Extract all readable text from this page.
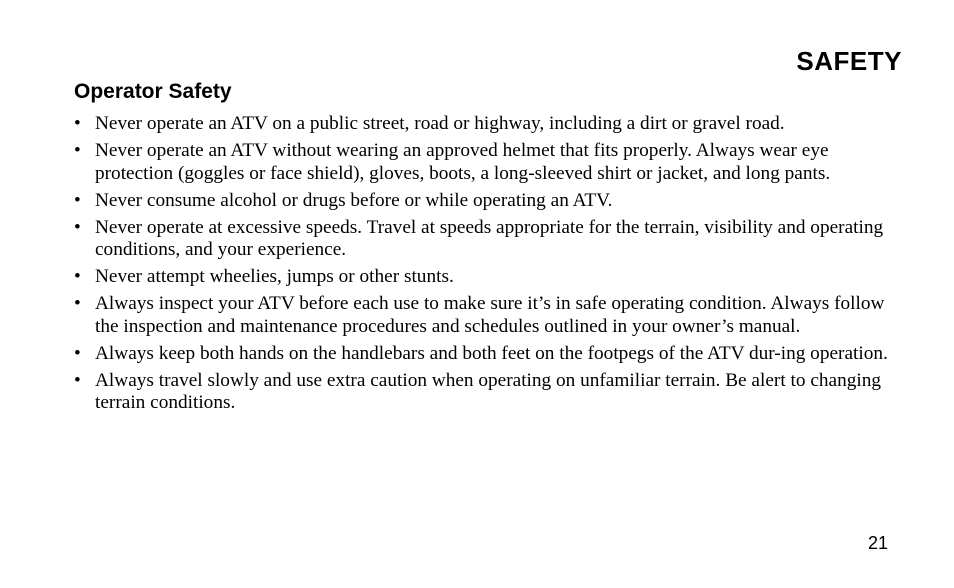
SAFETY
Operator Safety
• Never operate an ATV on a public street, road or highway, including a dirt or gravel road.
• Never operate an ATV without wearing an approved helmet that fits properly. Always wear eye protection (goggles or face shield), gloves, boots, a long-sleeved shirt or jacket, and long pants.
• Never consume alcohol or drugs before or while operating an ATV.
• Never operate at excessive speeds. Travel at speeds appropriate for the terrain, visibility and operating conditions, and your experience.
• Never attempt wheelies, jumps or other stunts.
• Always inspect your ATV before each use to make sure it’s in safe operating condition. Always follow the inspection and maintenance procedures and schedules outlined in your owner’s manual.
• Always keep both hands on the handlebars and both feet on the footpegs of the ATV dur-ing operation.
• Always travel slowly and use extra caution when operating on unfamiliar terrain. Be alert to changing terrain conditions.
21
